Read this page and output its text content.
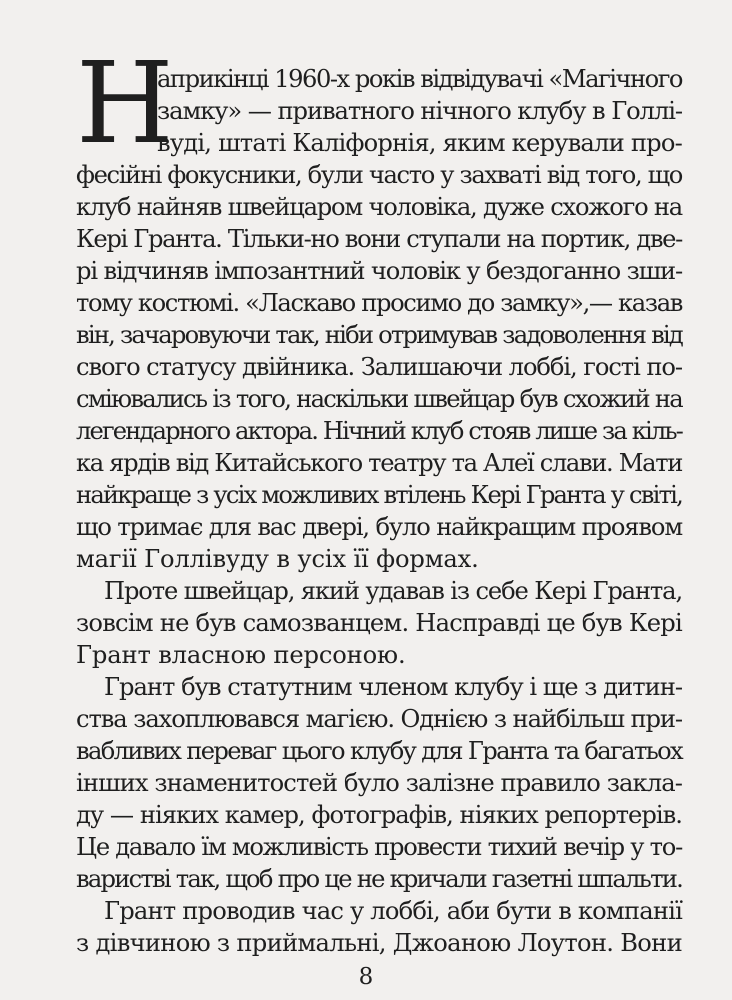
Н
априкінці 1960-х років відвідувачі «Магічного
замку» — приватного нічного клубу в Голлі-
вуді, штаті Каліфорнія, яким керували про-
фесійні фокусники, були часто у захваті від того, що
клуб найняв швейцаром чоловіка, дуже схожого на
Кері Гранта. Тільки-но вони ступали на портик, две-
рі відчиняв імпозантний чоловік у бездоганно зши-
тому костюмі. «Ласкаво просимо до замку»,— казав
він, зачаровуючи так, ніби отримував задоволення від
свого статусу двійника. Залишаючи лоббі, гості по-
сміювались із того, наскільки швейцар був схожий на
легендарного актора. Нічний клуб стояв лише за кіль-
ка ярдів від Китайського театру та Алеї слави. Мати
найкраще з усіх можливих втілень Кері Гранта у світі,
що тримає для вас двері, було найкращим проявом
магії Голлівуду в усіх її формах.
Проте швейцар, який удавав із себе Кері Гранта,
зовсім не був самозванцем. Насправді це був Кері
Грант власною персоною.
Грант був статутним членом клубу і ще з дитин-
ства захоплювався магією. Однією з найбільш при-
вабливих переваг цього клубу для Гранта та багатьох
інших знаменитостей було залізне правило закла-
ду — ніяких камер, фотографів, ніяких репортерів.
Це давало їм можливість провести тихий вечір у то-
варистві так, щоб про це не кричали газетні шпальти.
Грант проводив час у лоббі, аби бути в компанії
з дівчиною з приймальні, Джоаною Лоутон. Вони
8
